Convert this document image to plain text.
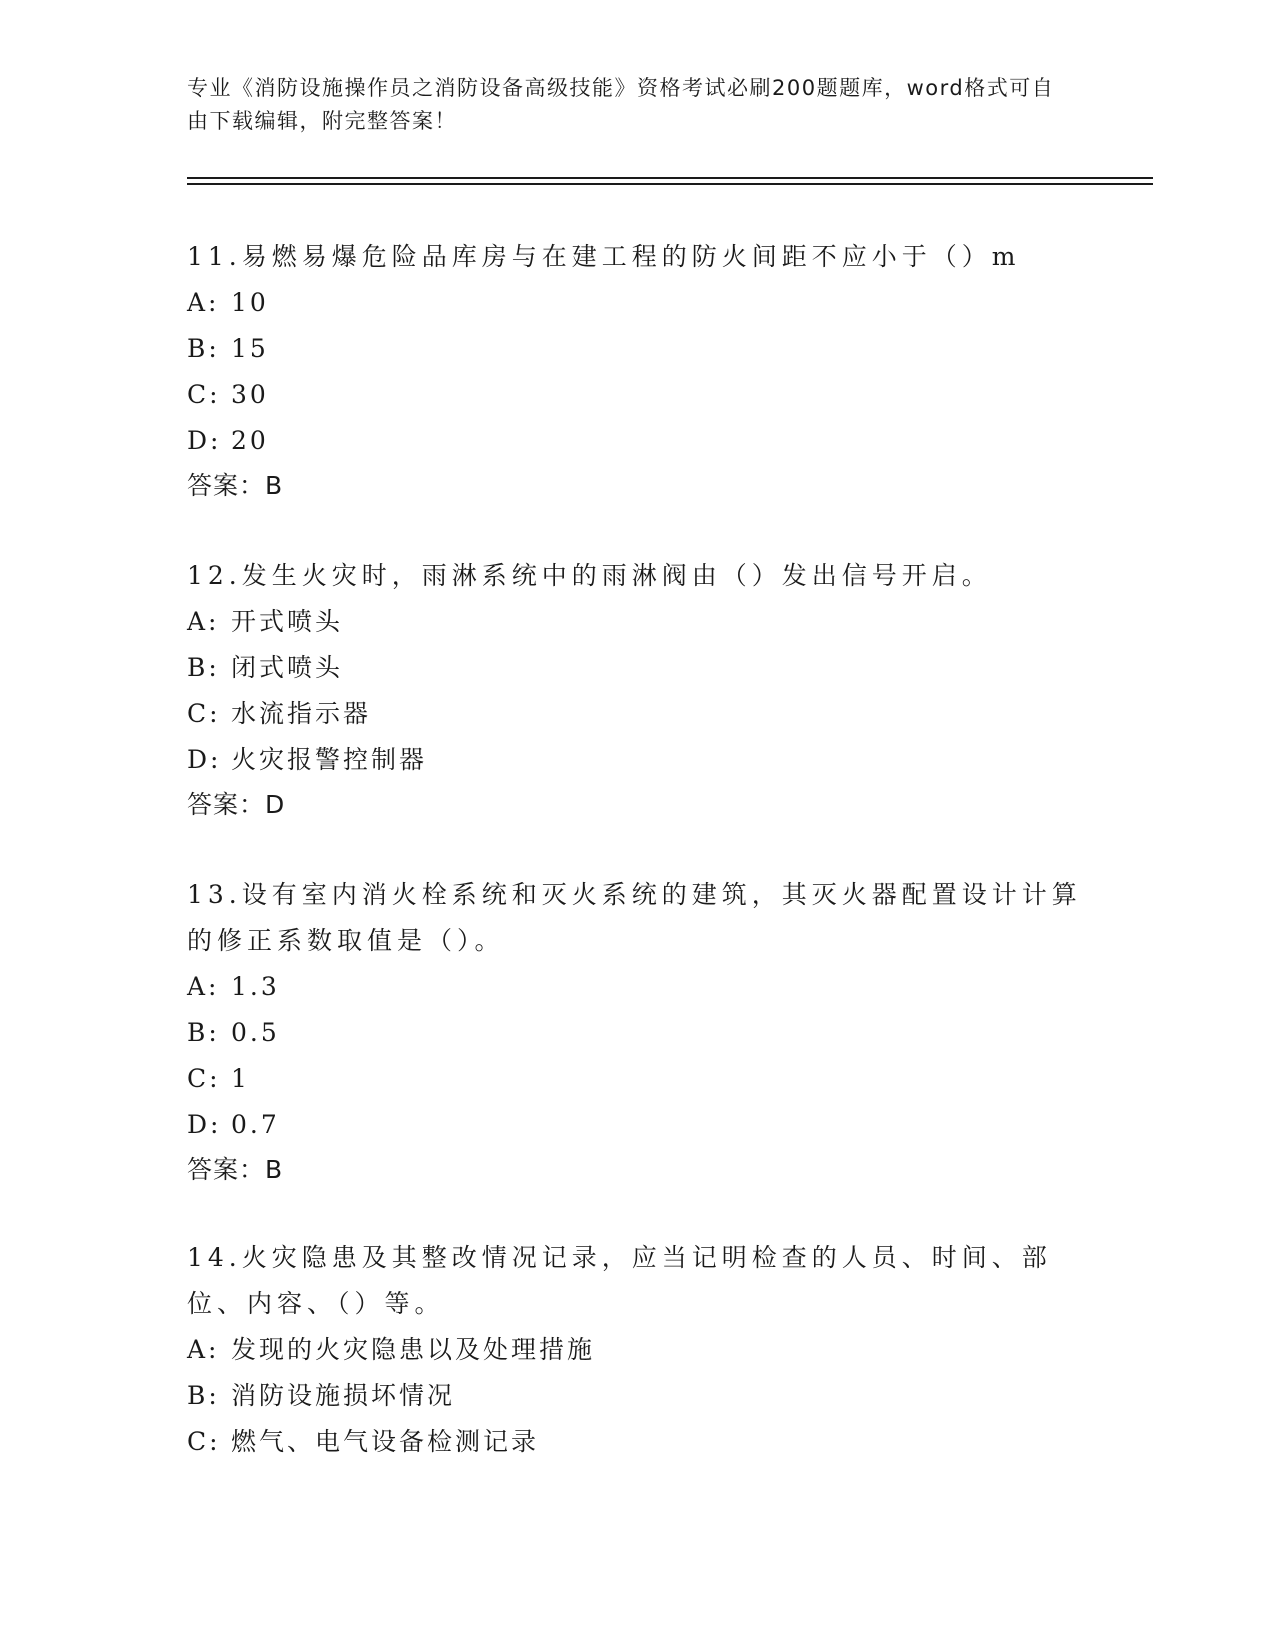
专业《消防设施操作员之消防设备高级技能》资格考试必刷200题题库，word格式可自由下载编辑，附完整答案！

11.易燃易爆危险品库房与在建工程的防火间距不应小于（）m

A: 10

B: 15

C: 30

D: 20

答案：B

12.发生火灾时，雨淋系统中的雨淋阀由（）发出信号开启。

A: 开式喷头

B: 闭式喷头

C: 水流指示器

D: 火灾报警控制器

答案：D

13.设有室内消火栓系统和灭火系统的建筑，其灭火器配置设计计算的修正系数取值是（）。

A: 1.3

B: 0.5

C: 1

D: 0.7

答案：B

14.火灾隐患及其整改情况记录，应当记明检查的人员、时间、部位、内容、（）等。

A: 发现的火灾隐患以及处理措施

B: 消防设施损坏情况

C: 燃气、电气设备检测记录
